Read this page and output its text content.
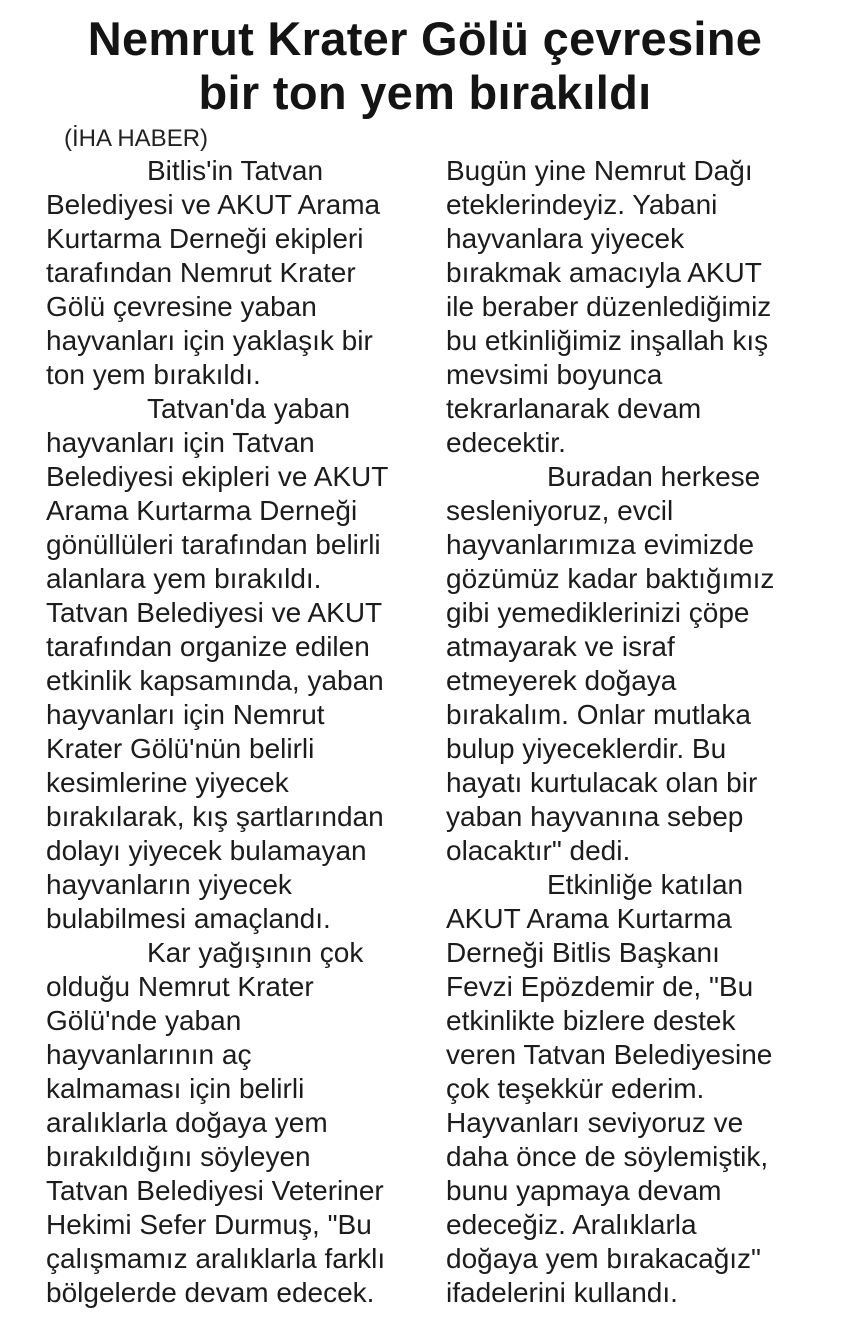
Nemrut Krater Gölü çevresine
bir ton yem bırakıldı
(İHA HABER)
Bitlis'in Tatvan
Belediyesi ve AKUT Arama
Kurtarma Derneği ekipleri
tarafından Nemrut Krater
Gölü çevresine yaban
hayvanları için yaklaşık bir
ton yem bırakıldı.
Tatvan'da yaban
hayvanları için Tatvan
Belediyesi ekipleri ve AKUT
Arama Kurtarma Derneği
gönüllüleri tarafından belirli
alanlara yem bırakıldı.
Tatvan Belediyesi ve AKUT
tarafından organize edilen
etkinlik kapsamında, yaban
hayvanları için Nemrut
Krater Gölü'nün belirli
kesimlerine yiyecek
bırakılarak, kış şartlarından
dolayı yiyecek bulamayan
hayvanların yiyecek
bulabilmesi amaçlandı.
Kar yağışının çok
olduğu Nemrut Krater
Gölü'nde yaban
hayvanlarının aç
kalmaması için belirli
aralıklarla doğaya yem
bırakıldığını söyleyen
Tatvan Belediyesi Veteriner
Hekimi Sefer Durmuş, "Bu
çalışmamız aralıklarla farklı
bölgelerde devam edecek.
Bugün yine Nemrut Dağı
eteklerindeyiz. Yabani
hayvanlara yiyecek
bırakmak amacıyla AKUT
ile beraber düzenlediğimiz
bu etkinliğimiz inşallah kış
mevsimi boyunca
tekrarlanarak devam
edecektir.
Buradan herkese
sesleniyoruz, evcil
hayvanlarımıza evimizde
gözümüz kadar baktığımız
gibi yemediklerinizi çöpe
atmayarak ve israf
etmeyerek doğaya
bırakalım. Onlar mutlaka
bulup yiyeceklerdir. Bu
hayatı kurtulacak olan bir
yaban hayvanına sebep
olacaktır" dedi.
Etkinliğe katılan
AKUT Arama Kurtarma
Derneği Bitlis Başkanı
Fevzi Epözdemir de, "Bu
etkinlikte bizlere destek
veren Tatvan Belediyesine
çok teşekkür ederim.
Hayvanları seviyoruz ve
daha önce de söylemiştik,
bunu yapmaya devam
edeceğiz. Aralıklarla
doğaya yem bırakacağız"
ifadelerini kullandı.
